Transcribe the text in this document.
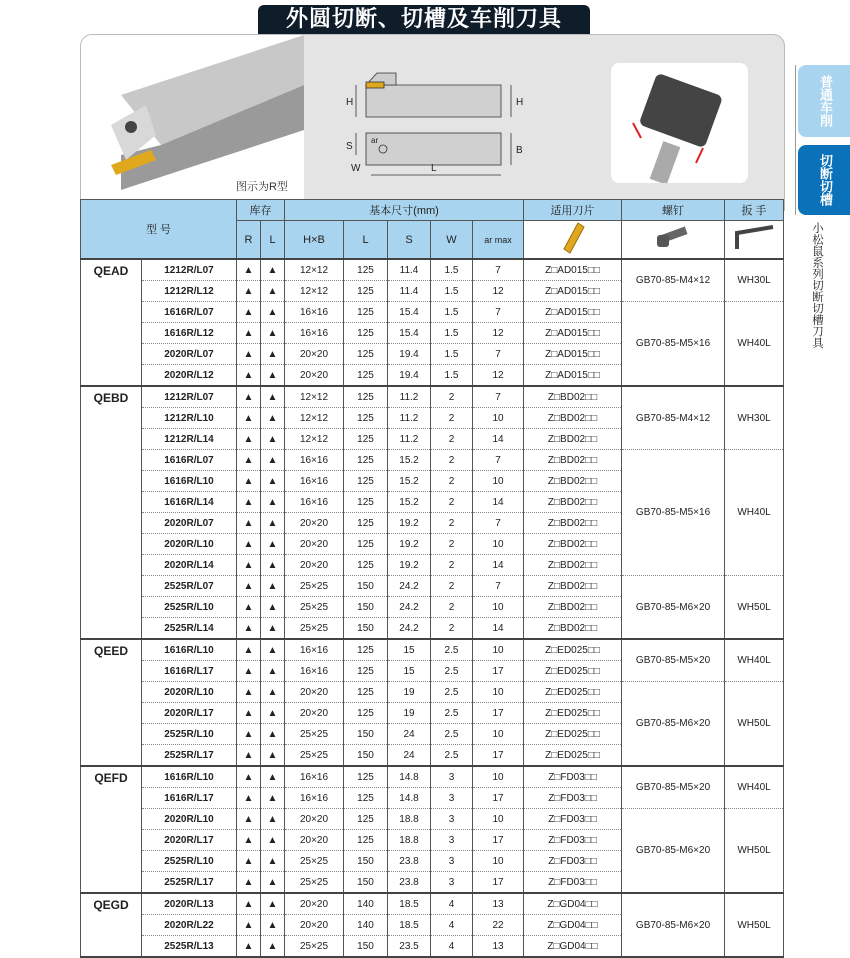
外圆切断、切槽及车削刀具
图示为R型
H	H
S	B
W	L
ar
型 号		库存		基本尺寸(mm)					适用刀片	螺钉	扳 手
		R	L	H×B	L	S	W	ar max			
QEAD	1212R/L07	▲	▲	12×12	125	11.4	1.5	7	Z□AD015□□	GB70-85-M4×12	WH30L
	1212R/L12	▲	▲	12×12	125	11.4	1.5	12	Z□AD015□□		
	1616R/L07	▲	▲	16×16	125	15.4	1.5	7	Z□AD015□□	GB70-85-M5×16	WH40L
	1616R/L12	▲	▲	16×16	125	15.4	1.5	12	Z□AD015□□		
	2020R/L07	▲	▲	20×20	125	19.4	1.5	7	Z□AD015□□		
	2020R/L12	▲	▲	20×20	125	19.4	1.5	12	Z□AD015□□		
QEBD	1212R/L07	▲	▲	12×12	125	11.2	2	7	Z□BD02□□	GB70-85-M4×12	WH30L
	1212R/L10	▲	▲	12×12	125	11.2	2	10	Z□BD02□□		
	1212R/L14	▲	▲	12×12	125	11.2	2	14	Z□BD02□□		
	1616R/L07	▲	▲	16×16	125	15.2	2	7	Z□BD02□□	GB70-85-M5×16	WH40L
	1616R/L10	▲	▲	16×16	125	15.2	2	10	Z□BD02□□		
	1616R/L14	▲	▲	16×16	125	15.2	2	14	Z□BD02□□		
	2020R/L07	▲	▲	20×20	125	19.2	2	7	Z□BD02□□		
	2020R/L10	▲	▲	20×20	125	19.2	2	10	Z□BD02□□		
	2020R/L14	▲	▲	20×20	125	19.2	2	14	Z□BD02□□		
	2525R/L07	▲	▲	25×25	150	24.2	2	7	Z□BD02□□	GB70-85-M6×20	WH50L
	2525R/L10	▲	▲	25×25	150	24.2	2	10	Z□BD02□□		
	2525R/L14	▲	▲	25×25	150	24.2	2	14	Z□BD02□□		
QEED	1616R/L10	▲	▲	16×16	125	15	2.5	10	Z□ED025□□	GB70-85-M5×20	WH40L
	1616R/L17	▲	▲	16×16	125	15	2.5	17	Z□ED025□□		
	2020R/L10	▲	▲	20×20	125	19	2.5	10	Z□ED025□□	GB70-85-M6×20	WH50L
	2020R/L17	▲	▲	20×20	125	19	2.5	17	Z□ED025□□		
	2525R/L10	▲	▲	25×25	150	24	2.5	10	Z□ED025□□		
	2525R/L17	▲	▲	25×25	150	24	2.5	17	Z□ED025□□		
QEFD	1616R/L10	▲	▲	16×16	125	14.8	3	10	Z□FD03□□	GB70-85-M5×20	WH40L
	1616R/L17	▲	▲	16×16	125	14.8	3	17	Z□FD03□□		
	2020R/L10	▲	▲	20×20	125	18.8	3	10	Z□FD03□□	GB70-85-M6×20	WH50L
	2020R/L17	▲	▲	20×20	125	18.8	3	17	Z□FD03□□		
	2525R/L10	▲	▲	25×25	150	23.8	3	10	Z□FD03□□		
	2525R/L17	▲	▲	25×25	150	23.8	3	17	Z□FD03□□		
QEGD	2020R/L13	▲	▲	20×20	140	18.5	4	13	Z□GD04□□	GB70-85-M6×20	WH50L
	2020R/L22	▲	▲	20×20	140	18.5	4	22	Z□GD04□□		
	2525R/L13	▲	▲	25×25	150	23.5	4	13	Z□GD04□□		
普通车削
切断切槽
小松鼠系列切断切槽刀具
